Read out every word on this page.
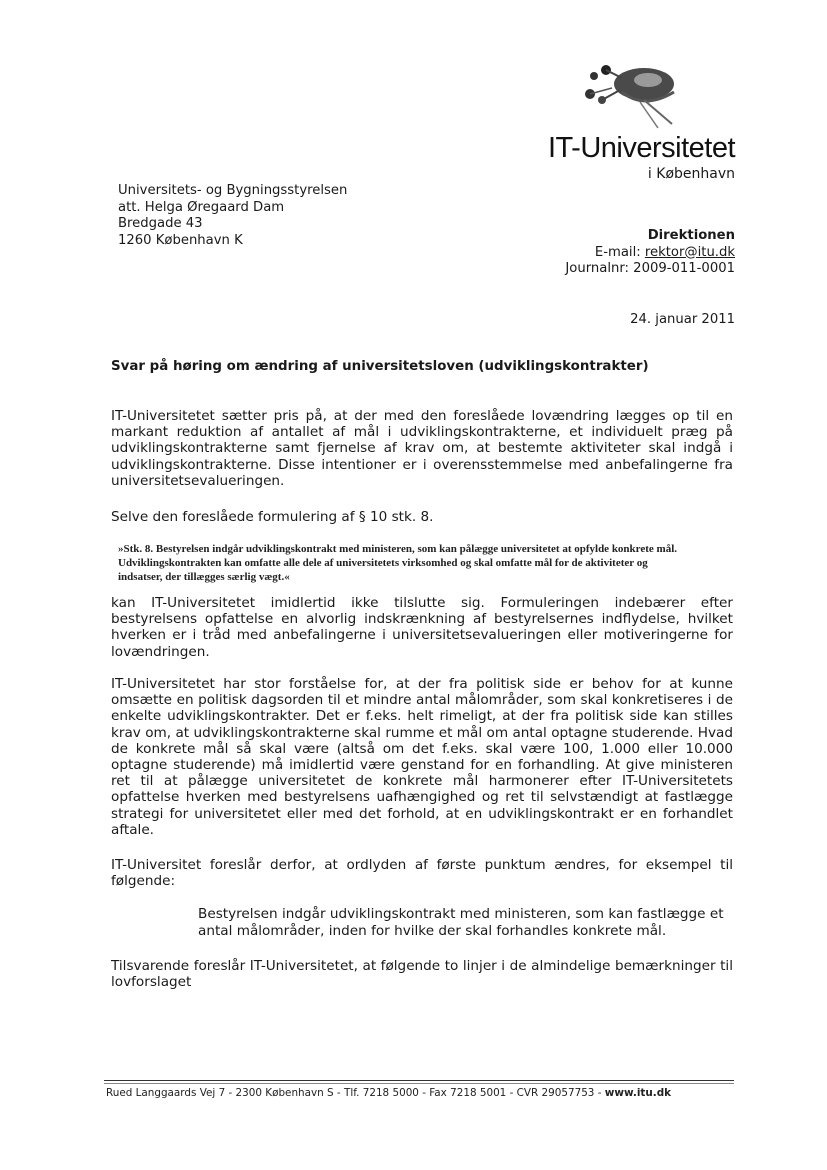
IT-Universitetet
i København
Universitets- og Bygningsstyrelsen
att. Helga Øregaard Dam
Bredgade 43
1260 København K	Direktionen
E-mail: rektor@itu.dk
Journalnr: 2009-011-0001
24. januar 2011
Svar på høring om ændring af universitetsloven (udviklingskontrakter)
IT-Universitetet sætter pris på, at der med den foreslåede lovændring lægges op til en markant reduktion af antallet af mål i udviklingskontrakterne, et individuelt præg på udviklingskontrakterne samt fjernelse af krav om, at bestemte aktiviteter skal indgå i udviklingskontrakterne. Disse intentioner er i overensstemmelse med anbefalingerne fra universitetsevalueringen.
Selve den foreslåede formulering af § 10 stk. 8.
»Stk. 8. Bestyrelsen indgår udviklingskontrakt med ministeren, som kan pålægge universitetet at opfylde konkrete mål. Udviklingskontrakten kan omfatte alle dele af universitetets virksomhed og skal omfatte mål for de aktiviteter og indsatser, der tillægges særlig vægt.«
kan IT-Universitetet imidlertid ikke tilslutte sig. Formuleringen indebærer efter bestyrelsens opfattelse en alvorlig indskrænkning af bestyrelsernes indflydelse, hvilket hverken er i tråd med anbefalingerne i universitetsevalueringen eller motiveringerne for lovændringen.
IT-Universitetet har stor forståelse for, at der fra politisk side er behov for at kunne omsætte en politisk dagsorden til et mindre antal målområder, som skal konkretiseres i de enkelte udviklingskontrakter. Det er f.eks. helt rimeligt, at der fra politisk side kan stilles krav om, at udviklingskontrakterne skal rumme et mål om antal optagne studerende. Hvad de konkrete mål så skal være (altså om det f.eks. skal være 100, 1.000 eller 10.000 optagne studerende) må imidlertid være genstand for en forhandling. At give ministeren ret til at pålægge universitetet de konkrete mål harmonerer efter IT-Universitetets opfattelse hverken med bestyrelsens uafhængighed og ret til selvstændigt at fastlægge strategi for universitetet eller med det forhold, at en udviklingskontrakt er en forhandlet aftale.
IT-Universitet foreslår derfor, at ordlyden af første punktum ændres, for eksempel til følgende:
Bestyrelsen indgår udviklingskontrakt med ministeren, som kan fastlægge et antal målområder, inden for hvilke der skal forhandles konkrete mål.
Tilsvarende foreslår IT-Universitetet, at følgende to linjer i de almindelige bemærkninger til lovforslaget
Rued Langgaards Vej 7 - 2300 København S - Tlf. 7218 5000 - Fax 7218 5001 - CVR 29057753 - www.itu.dk
